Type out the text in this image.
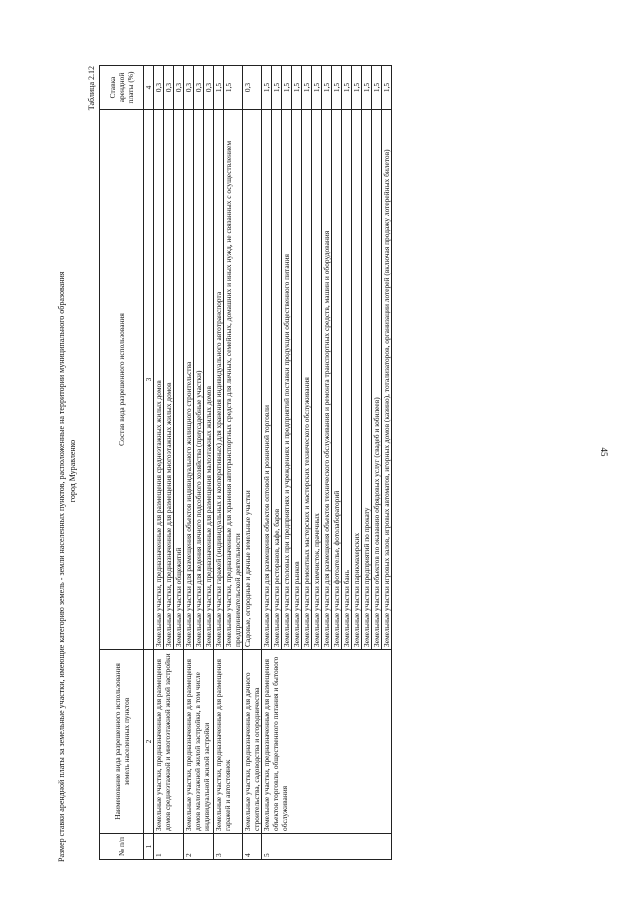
45
Размер ставки арендной платы за земельные участки, имеющие категорию земель - земли населенных пунктов, расположенные на территории муниципального образования город Муравленко
Таблица 2.12
№ п/п	Наименование вида разрешенного использования земель населенных пунктов	Состав вида разрешенного использования	Ставка арендной платы (%)
1	2	3	4
1	Земельные участки, предназначенные для размещения домов среднеэтажной и многоэтажной жилой застройки	Земельные участки, предназначенные для размещения среднеэтажных жилых домов	0,3
		Земельные участки, предназначенные для размещения многоэтажных жилых домов	0,3
		Земельные участки общежитий	0,3
2	Земельные участки, предназначенные для размещения домов малоэтажной жилой застройки, в том числе индивидуальной жилой застройки	Земельные участки для размещения объектов индивидуального жилищного строительства	0,3
		Земельные участки для ведения личного подсобного хозяйства (приусадебные участки)	0,3
		Земельные участки, предназначенные для размещения малоэтажных жилых домов	0,3
3	Земельные участки, предназначенные для размещения гаражей и автостоянок	Земельные участки гаражей (индивидуальных и кооперативных) для хранения индивидуального автотранспорта	1,5
		Земельные участки, предназначенные для хранения автотранспортных средств для личных, семейных, домашних и иных нужд, не связанных с осуществлением предпринимательской деятельности	1,5
4	Земельные участки, предназначенные для дачного строительства, садоводства и огородничества	Садовые, огородные и дачные земельные участки	0,3
5	Земельные участки, предназначенные для размещения объектов торговли, общественного питания и бытового обслуживания	Земельные участки для размещения объектов оптовой и розничной торговли	1,5
		Земельные участки ресторанов, кафе, баров	1,5
		Земельные участки столовых при предприятиях и учреждениях и предприятий поставки продукции общественного питания	1,5
		Земельные участки рынков	1,5
		Земельные участки ремонтных мастерских и мастерских технического обслуживания	1,5
		Земельные участки химчисток, прачечных	1,5
		Земельные участки для размещения объектов технического обслуживания и ремонта транспортных средств, машин и оборудования	1,5
		Земельные участки фотоателье, фотолабораторий	1,5
		Земельные участки бань	1,5
		Земельные участки парикмахерских	1,5
		Земельные участки предприятий по прокату	1,5
		Земельные участки объектов по оказанию обрядовых услуг (свадеб и юбилеев)	1,5
		Земельные участки игровых залов, игровых автоматов, игорных домов (казино), тотализаторов, организации лотерей (включая продажу лотерейных билетов)	1,5
